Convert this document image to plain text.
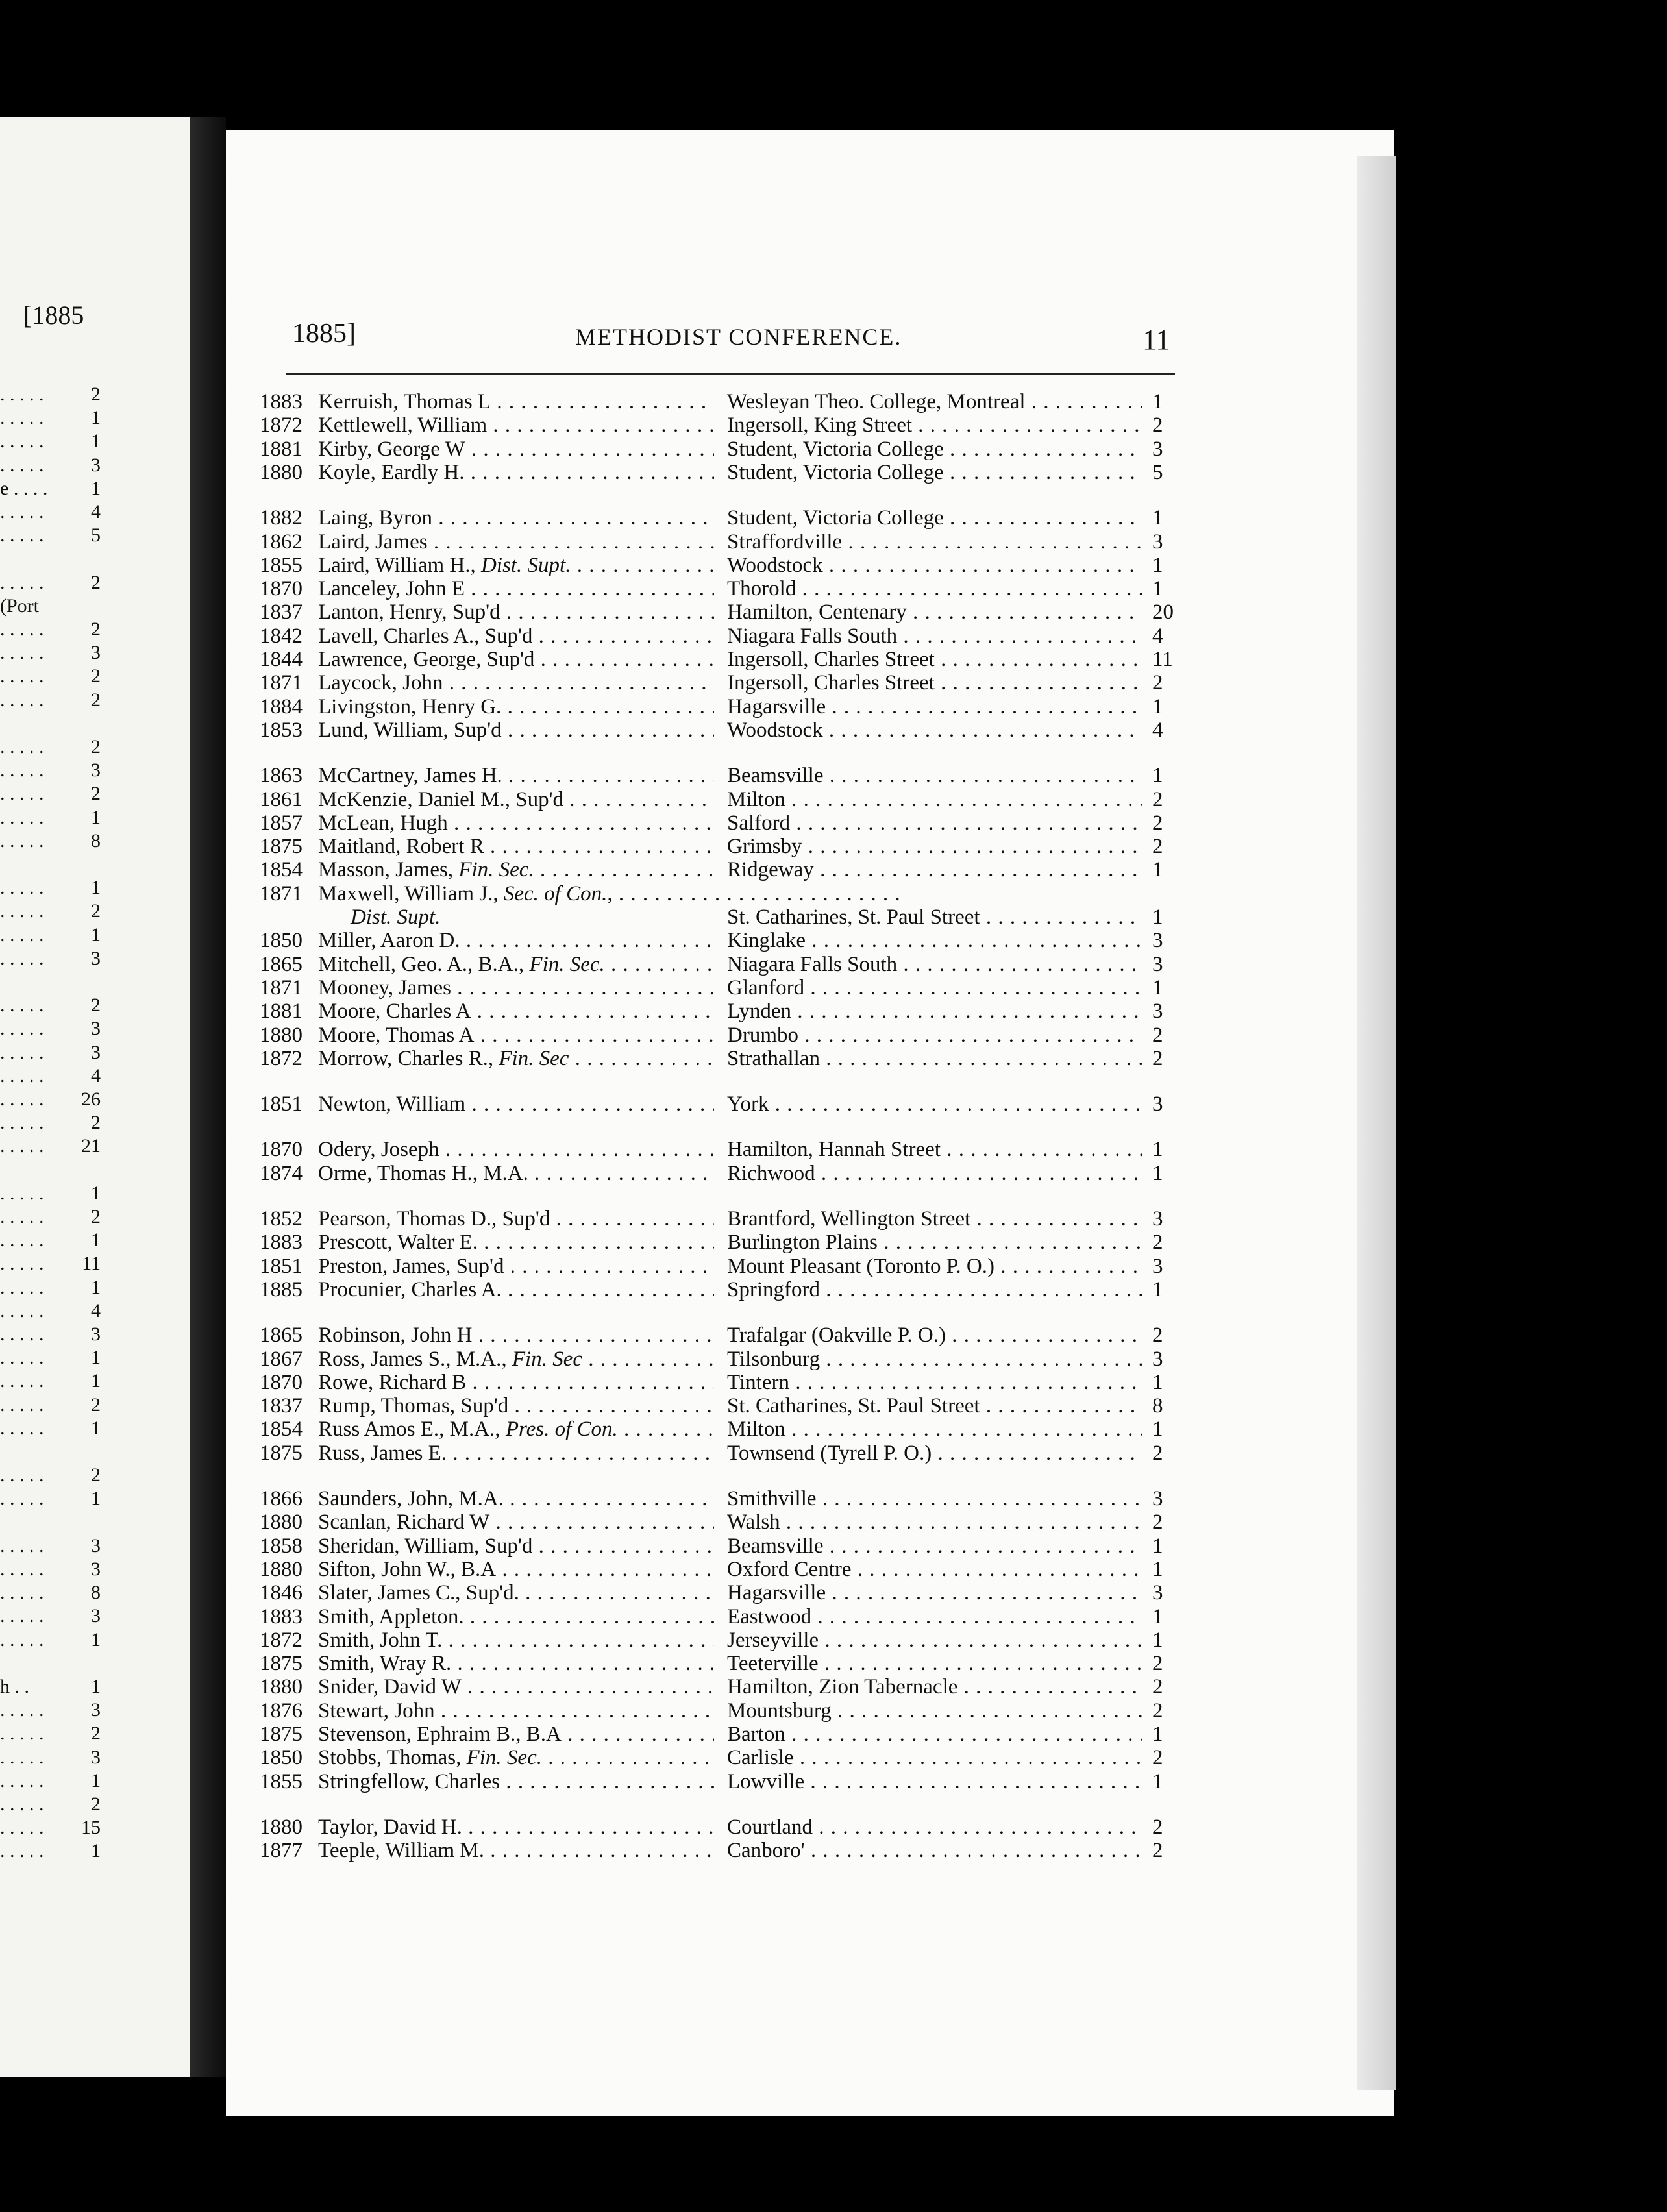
[1885
. . . . . 2
. . . . . 1
. . . . . 1
. . . . . 3
e . . . . 1
. . . . . 4
. . . . . 5
. . . . . 2
(Port
. . . . . 2
. . . . . 3
. . . . . 2
. . . . . 2
. . . . . 2
. . . . . 3
. . . . . 2
. . . . . 1
. . . . . 8
. . . . . 1
. . . . . 2
. . . . . 1
. . . . . 3
. . . . . 2
. . . . . 3
. . . . . 3
. . . . . 4
. . . . . 26
. . . . . 2
. . . . . 21
. . . . . 1
. . . . . 2
. . . . . 1
. . . . . 11
. . . . . 1
. . . . . 4
. . . . . 3
. . . . . 1
. . . . . 1
. . . . . 2
. . . . . 1
. . . . . 2
. . . . . 1
. . . . . 3
. . . . . 3
. . . . . 8
. . . . . 3
. . . . . 1
h . .	1
. . . . . 3
. . . . . 2
. . . . . 3
. . . . . 1
. . . . . 2
. . . . . 15
. . . . . 1
1885]	METHODIST CONFERENCE.	11
1883 Kerruish, Thomas L . . .	Wesleyan Theo. College, Montreal . . .	1
1872 Kettlewell, William . . .	Ingersoll, King Street . . .	2
1881 Kirby, George W . . .	Student, Victoria College . . .	3
1880 Koyle, Eardly H. . . .	Student, Victoria College . . .	5
1882 Laing, Byron . . .	Student, Victoria College . . .	1
1862 Laird, James . . .	Straffordville . . .	3
1855 Laird, William H., Dist. Supt. . . .	Woodstock . . .	1
1870 Lanceley, John E . . .	Thorold . . .	1
1837 Lanton, Henry, Sup'd . . .	Hamilton, Centenary . . .	20
1842 Lavell, Charles A., Sup'd . . .	Niagara Falls South . . .	4
1844 Lawrence, George, Sup'd . . .	Ingersoll, Charles Street . . .	11
1871 Laycock, John . . .	Ingersoll, Charles Street . . .	2
1884 Livingston, Henry G. . . .	Hagarsville . . .	1
1853 Lund, William, Sup'd . . .	Woodstock . . .	4
1863 McCartney, James H. . . .	Beamsville . . .	1
1861 McKenzie, Daniel M., Sup'd . . .	Milton . . .	2
1857 McLean, Hugh . . .	Salford . . .	2
1875 Maitland, Robert R . . .	Grimsby . . .	2
1854 Masson, James, Fin. Sec. . . .	Ridgeway . . .	1
1871 Maxwell, William J., Sec. of Con., . . .
Dist. Supt.	St. Catharines, St. Paul Street . . .	1
1850 Miller, Aaron D. . . .	Kinglake . . .	3
1865 Mitchell, Geo. A., B.A., Fin. Sec. . . .	Niagara Falls South . . .	3
1871 Mooney, James . . .	Glanford . . .	1
1881 Moore, Charles A . . .	Lynden . . .	3
1880 Moore, Thomas A . . .	Drumbo . . .	2
1872 Morrow, Charles R., Fin. Sec . . .	Strathallan . . .	2
1851 Newton, William . . .	York . . .	3
1870 Odery, Joseph . . .	Hamilton, Hannah Street . . .	1
1874 Orme, Thomas H., M.A. . . .	Richwood . . .	1
1852 Pearson, Thomas D., Sup'd . . .	Brantford, Wellington Street . . .	3
1883 Prescott, Walter E. . . .	Burlington Plains . . .	2
1851 Preston, James, Sup'd . . .	Mount Pleasant (Toronto P. O.) . . .	3
1885 Procunier, Charles A. . . .	Springford . . .	1
1865 Robinson, John H . . .	Trafalgar (Oakville P. O.) . . .	2
1867 Ross, James S., M.A., Fin. Sec . . .	Tilsonburg . . .	3
1870 Rowe, Richard B . . .	Tintern . . .	1
1837 Rump, Thomas, Sup'd . . .	St. Catharines, St. Paul Street . . .	8
1854 Russ Amos E., M.A., Pres. of Con. . . .	Milton . . .	1
1875 Russ, James E. . . .	Townsend (Tyrell P. O.) . . .	2
1866 Saunders, John, M.A. . . .	Smithville . . .	3
1880 Scanlan, Richard W . . .	Walsh . . .	2
1858 Sheridan, William, Sup'd . . .	Beamsville . . .	1
1880 Sifton, John W., B.A . . .	Oxford Centre . . .	1
1846 Slater, James C., Sup'd. . . .	Hagarsville . . .	3
1883 Smith, Appleton. . . .	Eastwood . . .	1
1872 Smith, John T. . . .	Jerseyville . . .	1
1875 Smith, Wray R. . . .	Teeterville . . .	2
1880 Snider, David W . . .	Hamilton, Zion Tabernacle . . .	2
1876 Stewart, John . . .	Mountsburg . . .	2
1875 Stevenson, Ephraim B., B.A . . .	Barton . . .	1
1850 Stobbs, Thomas, Fin. Sec. . . .	Carlisle . . .	2
1855 Stringfellow, Charles . . .	Lowville . . .	1
1880 Taylor, David H. . . .	Courtland . . .	2
1877 Teeple, William M. . . .	Canboro' . . .	2
